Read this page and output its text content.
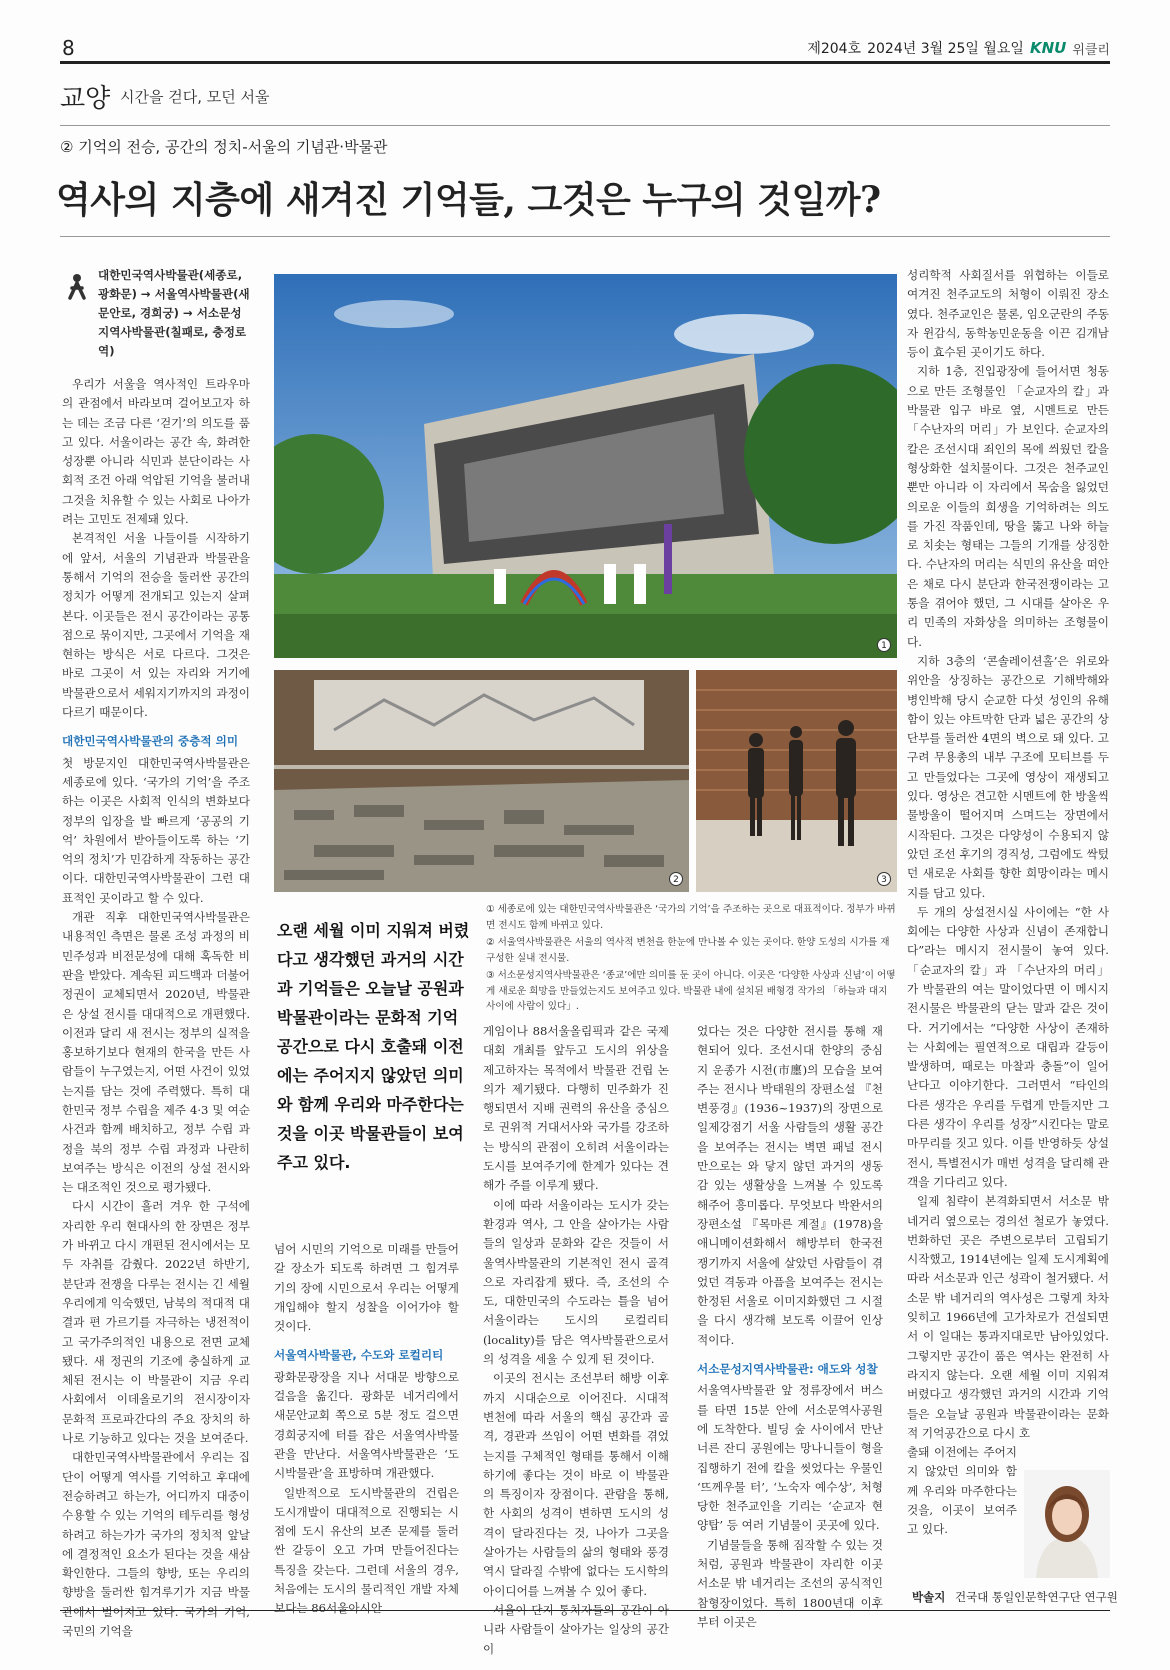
8	제204호 2024년 3월 25일 월요일 KNU 위클리
교양 시간을 걷다, 모던 서울
② 기억의 전승, 공간의 정치-서울의 기념관·박물관
역사의 지층에 새겨진 기억들, 그것은 누구의 것일까?
대한민국역사박물관(세종로, 광화문) → 서울역사박물관(새문안로, 경희궁) → 서소문성지역사박물관(칠패로, 충정로역)

우리가 서울을 역사적인 트라우마의 관점에서 바라보며 걸어보고자 하는 데는 조금 다른 ‘걷기’의 의도를 품고 있다. 서울이라는 공간 속, 화려한 성장뿐 아니라 식민과 분단이라는 사회적 조건 아래 억압된 기억을 불러내 그것을 치유할 수 있는 사회로 나아가려는 고민도 전제돼 있다.

본격적인 서울 나들이를 시작하기에 앞서, 서울의 기념관과 박물관을 통해서 기억의 전승을 둘러싼 공간의 정치가 어떻게 전개되고 있는지 살펴본다. 이곳들은 전시 공간이라는 공통점으로 묶이지만, 그곳에서 기억을 재현하는 방식은 서로 다르다. 그것은 바로 그곳이 서 있는 자리와 거기에 박물관으로서 세워지기까지의 과정이 다르기 때문이다.

대한민국역사박물관의 중층적 의미

첫 방문지인 대한민국역사박물관은 세종로에 있다. ‘국가의 기억’을 주조하는 이곳은 사회적 인식의 변화보다 정부의 입장을 발 빠르게 ‘공공의 기억’ 차원에서 받아들이도록 하는 ‘기억의 정치’가 민감하게 작동하는 공간이다. 대한민국역사박물관이 그런 대표적인 곳이라고 할 수 있다.

개관 직후 대한민국역사박물관은 내용적인 측면은 물론 조성 과정의 비민주성과 비전문성에 대해 혹독한 비판을 받았다. 계속된 피드백과 더불어 정권이 교체되면서 2020년, 박물관은 상설 전시를 대대적으로 개편했다. 이전과 달리 새 전시는 정부의 실적을 홍보하기보다 현재의 한국을 만든 사람들이 누구였는지, 어떤 사건이 있었는지를 담는 것에 주력했다. 특히 대한민국 정부 수립을 제주 4·3 및 여순사건과 함께 배치하고, 정부 수립 과정을 북의 정부 수립 과정과 나란히 보여주는 방식은 이전의 상설 전시와는 대조적인 것으로 평가됐다.

다시 시간이 흘러 겨우 한 구석에 자리한 우리 현대사의 한 장면은 정부가 바뀌고 다시 개편된 전시에서는 모두 자취를 감췄다. 2022년 하반기, 분단과 전쟁을 다루는 전시는 긴 세월 우리에게 익숙했던, 남북의 적대적 대결과 편 가르기를 자극하는 냉전적이고 국가주의적인 내용으로 전면 교체됐다. 새 정권의 기조에 충실하게 교체된 전시는 이 박물관이 지금 우리 사회에서 이데올로기의 전시장이자 문화적 프로파간다의 주요 장치의 하나로 기능하고 있다는 것을 보여준다.

대한민국역사박물관에서 우리는 집단이 어떻게 역사를 기억하고 후대에 전승하려고 하는가, 어디까지 대중이 수용할 수 있는 기억의 테두리를 형성하려고 하는가가 국가의 정치적 앞날에 결정적인 요소가 된다는 것을 새삼 확인한다. 그들의 향방, 또는 우리의 향방을 둘러싼 힘겨루기가 지금 박물관에서 벌어지고 있다. 국가의 기억, 국민의 기억을

1
2	3

① 세종로에 있는 대한민국역사박물관은 ‘국가의 기억’을 주조하는 곳으로 대표적이다. 정부가 바뀌면 전시도 함께 바뀌고 있다.

② 서울역사박물관은 서울의 역사적 변천을 한눈에 만나볼 수 있는 곳이다. 한양 도성의 시가를 재구성한 실내 전시물.

③ 서소문성지역사박물관은 ‘종교’에만 의미를 둔 곳이 아니다. 이곳은 ‘다양한 사상과 신념’이 어떻게 새로운 희망을 만들었는지도 보여주고 있다. 박물관 내에 설치된 배형경 작가의 「하늘과 대지 사이에 사람이 있다」.

오랜 세월 이미 지워져 버렸다고 생각했던 과거의 시간과 기억들은 오늘날 공원과 박물관이라는 문화적 기억공간으로 다시 호출돼 이전에는 주어지지 않았던 의미와 함께 우리와 마주한다는 것을 이곳 박물관들이 보여주고 있다.

넘어 시민의 기억으로 미래를 만들어 갈 장소가 되도록 하려면 그 힘겨루기의 장에 시민으로서 우리는 어떻게 개입해야 할지 성찰을 이어가야 할 것이다.

서울역사박물관, 수도와 로컬리티

광화문광장을 지나 서대문 방향으로 걸음을 옮긴다. 광화문 네거리에서 새문안교회 쪽으로 5분 정도 걸으면 경희궁지에 터를 잡은 서울역사박물관을 만난다. 서울역사박물관은 ‘도시박물관’을 표방하며 개관했다.

일반적으로 도시박물관의 건립은 도시개발이 대대적으로 진행되는 시점에 도시 유산의 보존 문제를 둘러싼 갈등이 오고 가며 만들어진다는 특징을 갖는다. 그런데 서울의 경우, 처음에는 도시의 물리적인 개발 자체보다는 86서울아시안

게임이나 88서울올림픽과 같은 국제대회 개최를 앞두고 도시의 위상을 제고하자는 목적에서 박물관 건립 논의가 제기됐다. 다행히 민주화가 진행되면서 지배 권력의 유산을 중심으로 권위적 거대서사와 국가를 강조하는 방식의 관점이 오히려 서울이라는 도시를 보여주기에 한계가 있다는 견해가 주를 이루게 됐다.

이에 따라 서울이라는 도시가 갖는 환경과 역사, 그 안을 살아가는 사람들의 일상과 문화와 같은 것들이 서울역사박물관의 기본적인 전시 골격으로 자리잡게 됐다. 즉, 조선의 수도, 대한민국의 수도라는 틀을 넘어 서울이라는 도시의 로컬리티(locality)를 담은 역사박물관으로서의 성격을 세울 수 있게 된 것이다.

이곳의 전시는 조선부터 해방 이후까지 시대순으로 이어진다. 시대적 변천에 따라 서울의 핵심 공간과 골격, 경관과 쓰임이 어떤 변화를 겪었는지를 구체적인 형태를 통해서 이해하기에 좋다는 것이 바로 이 박물관의 특징이자 장점이다. 관람을 통해, 한 사회의 성격이 변하면 도시의 성격이 달라진다는 것, 나아가 그곳을 살아가는 사람들의 삶의 형태와 풍경 역시 달라질 수밖에 없다는 도시학의 아이디어를 느껴볼 수 있어 좋다.

서울이 단지 통치자들의 공간이 아니라 사람들이 살아가는 일상의 공간이

었다는 것은 다양한 전시를 통해 재현되어 있다. 조선시대 한양의 중심지 운종가 시전(市廛)의 모습을 보여주는 전시나 박태원의 장편소설 『천변풍경』(1936~1937)의 장면으로 일제강점기 서울 사람들의 생활 공간을 보여주는 전시는 벽면 패널 전시만으로는 와 닿지 않던 과거의 생동감 있는 생활상을 느껴볼 수 있도록 해주어 흥미롭다. 무엇보다 박완서의 장편소설 『목마른 계절』(1978)을 애니메이션화해서 해방부터 한국전쟁기까지 서울에 살았던 사람들이 겪었던 격동과 아픔을 보여주는 전시는 한정된 서울로 이미지화했던 그 시절을 다시 생각해 보도록 이끌어 인상적이다.

서소문성지역사박물관: 애도와 성찰

서울역사박물관 앞 정류장에서 버스를 타면 15분 안에 서소문역사공원에 도착한다. 빌딩 숲 사이에서 만난 너른 잔디 공원에는 망나니들이 형을 집행하기 전에 칼을 씻었다는 우물인 ‘뜨께우물 터’, ‘노숙자 예수상’, 처형당한 천주교인을 기리는 ‘순교자 현양탑’ 등 여러 기념물이 곳곳에 있다.

기념물들을 통해 짐작할 수 있는 것처럼, 공원과 박물관이 자리한 이곳 서소문 밖 네거리는 조선의 공식적인 참형장이었다. 특히 1800년대 이후부터 이곳은

성리학적 사회질서를 위협하는 이들로 여겨진 천주교도의 처형이 이뤄진 장소였다. 천주교인은 물론, 임오군란의 주동자 윈감식, 동학농민운동을 이끈 김개남 등이 효수된 곳이기도 하다.

지하 1층, 진입광장에 들어서면 청동으로 만든 조형물인 「순교자의 칼」과 박물관 입구 바로 옆, 시멘트로 만든 「수난자의 머리」가 보인다. 순교자의 칼은 조선시대 죄인의 목에 씌웠던 칼을 형상화한 설치물이다. 그것은 천주교인뿐만 아니라 이 자리에서 목숨을 잃었던 의로운 이들의 희생을 기억하려는 의도를 가진 작품인데, 땅을 뚫고 나와 하늘로 치솟는 형태는 그들의 기개를 상징한다. 수난자의 머리는 식민의 유산을 떠안은 채로 다시 분단과 한국전쟁이라는 고통을 겪어야 했던, 그 시대를 살아온 우리 민족의 자화상을 의미하는 조형물이다.

지하 3층의 ‘콘솔레이션홀’은 위로와 위안을 상징하는 공간으로 기해박해와 병인박해 당시 순교한 다섯 성인의 유해함이 있는 야트막한 단과 넓은 공간의 상단부를 둘러싼 4면의 벽으로 돼 있다. 고구려 무용총의 내부 구조에 모티브를 두고 만들었다는 그곳에 영상이 재생되고 있다. 영상은 견고한 시멘트에 한 방울씩 물방울이 떨어지며 스며드는 장면에서 시작된다. 그것은 다양성이 수용되지 않았던 조선 후기의 경직성, 그럼에도 싹텄던 새로운 사회를 향한 희망이라는 메시지를 담고 있다.

두 개의 상설전시실 사이에는 “한 사회에는 다양한 사상과 신념이 존재합니다”라는 메시지 전시물이 놓여 있다. 「순교자의 칼」과 「수난자의 머리」가 박물관의 여는 말이었다면 이 메시지 전시물은 박물관의 닫는 말과 같은 것이다. 거기에서는 “다양한 사상이 존재하는 사회에는 필연적으로 대립과 갈등이 발생하며, 때로는 마찰과 충돌”이 일어난다고 이야기한다. 그러면서 “타인의 다른 생각은 우리를 두렵게 만들지만 그 다른 생각이 우리를 성장”시킨다는 말로 마무리를 짓고 있다. 이를 반영하듯 상설전시, 특별전시가 매번 성격을 달리해 관객을 기다리고 있다.

일제 침략이 본격화되면서 서소문 밖 네거리 옆으로는 경의선 철로가 놓였다. 번화하던 곳은 주변으로부터 고립되기 시작했고, 1914년에는 일제 도시계획에 따라 서소문과 인근 성곽이 철거됐다. 서소문 밖 네거리의 역사성은 그렇게 차차 잊히고 1966년에 고가차로가 건설되면서 이 일대는 통과지대로만 남아있었다. 그렇지만 공간이 품은 역사는 완전히 사라지지 않는다. 오랜 세월 이미 지워져 버렸다고 생각했던 과거의 시간과 기억들은 오늘날 공원과 박물관이라는 문화적 기억공간으로 다시 호

출돼 이전에는 주어지지 않았던 의미와 함께 우리와 마주한다는 것을, 이곳이 보여주고 있다.

박솔지 건국대 통일인문학연구단 연구원
